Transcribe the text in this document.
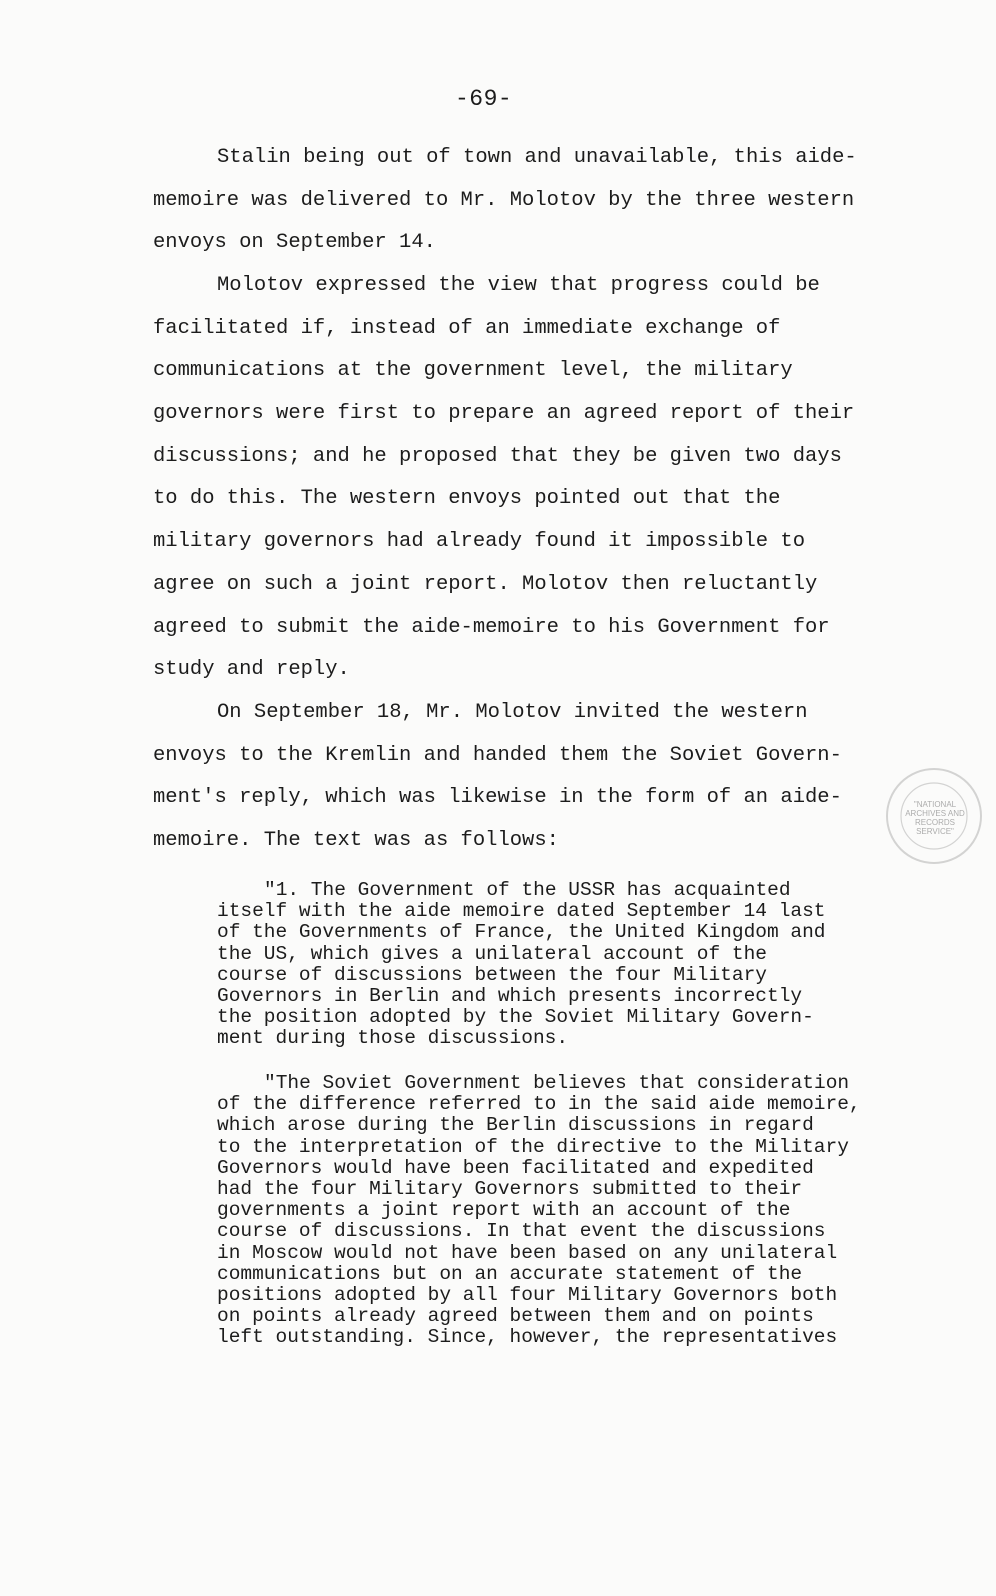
-69-
Stalin being out of town and unavailable, this aide-
memoire was delivered to Mr. Molotov by the three western
envoys on September 14.
Molotov expressed the view that progress could be
facilitated if, instead of an immediate exchange of
communications at the government level, the military
governors were first to prepare an agreed report of their
discussions; and he proposed that they be given two days
to do this. The western envoys pointed out that the
military governors had already found it impossible to
agree on such a joint report. Molotov then reluctantly
agreed to submit the aide-memoire to his Government for
study and reply.
On September 18, Mr. Molotov invited the western
envoys to the Kremlin and handed them the Soviet Govern-
ment's reply, which was likewise in the form of an aide-
memoire. The text was as follows:
"1. The Government of the USSR has acquainted
itself with the aide memoire dated September 14 last
of the Governments of France, the United Kingdom and
the US, which gives a unilateral account of the
course of discussions between the four Military
Governors in Berlin and which presents incorrectly
the position adopted by the Soviet Military Govern-
ment during those discussions.
"The Soviet Government believes that consideration
of the difference referred to in the said aide memoire,
which arose during the Berlin discussions in regard
to the interpretation of the directive to the Military
Governors would have been facilitated and expedited
had the four Military Governors submitted to their
governments a joint report with an account of the
course of discussions. In that event the discussions
in Moscow would not have been based on any unilateral
communications but on an accurate statement of the
positions adopted by all four Military Governors both
on points already agreed between them and on points
left outstanding. Since, however, the representatives
"NATIONAL
ARCHIVES AND
RECORDS
SERVICE"
